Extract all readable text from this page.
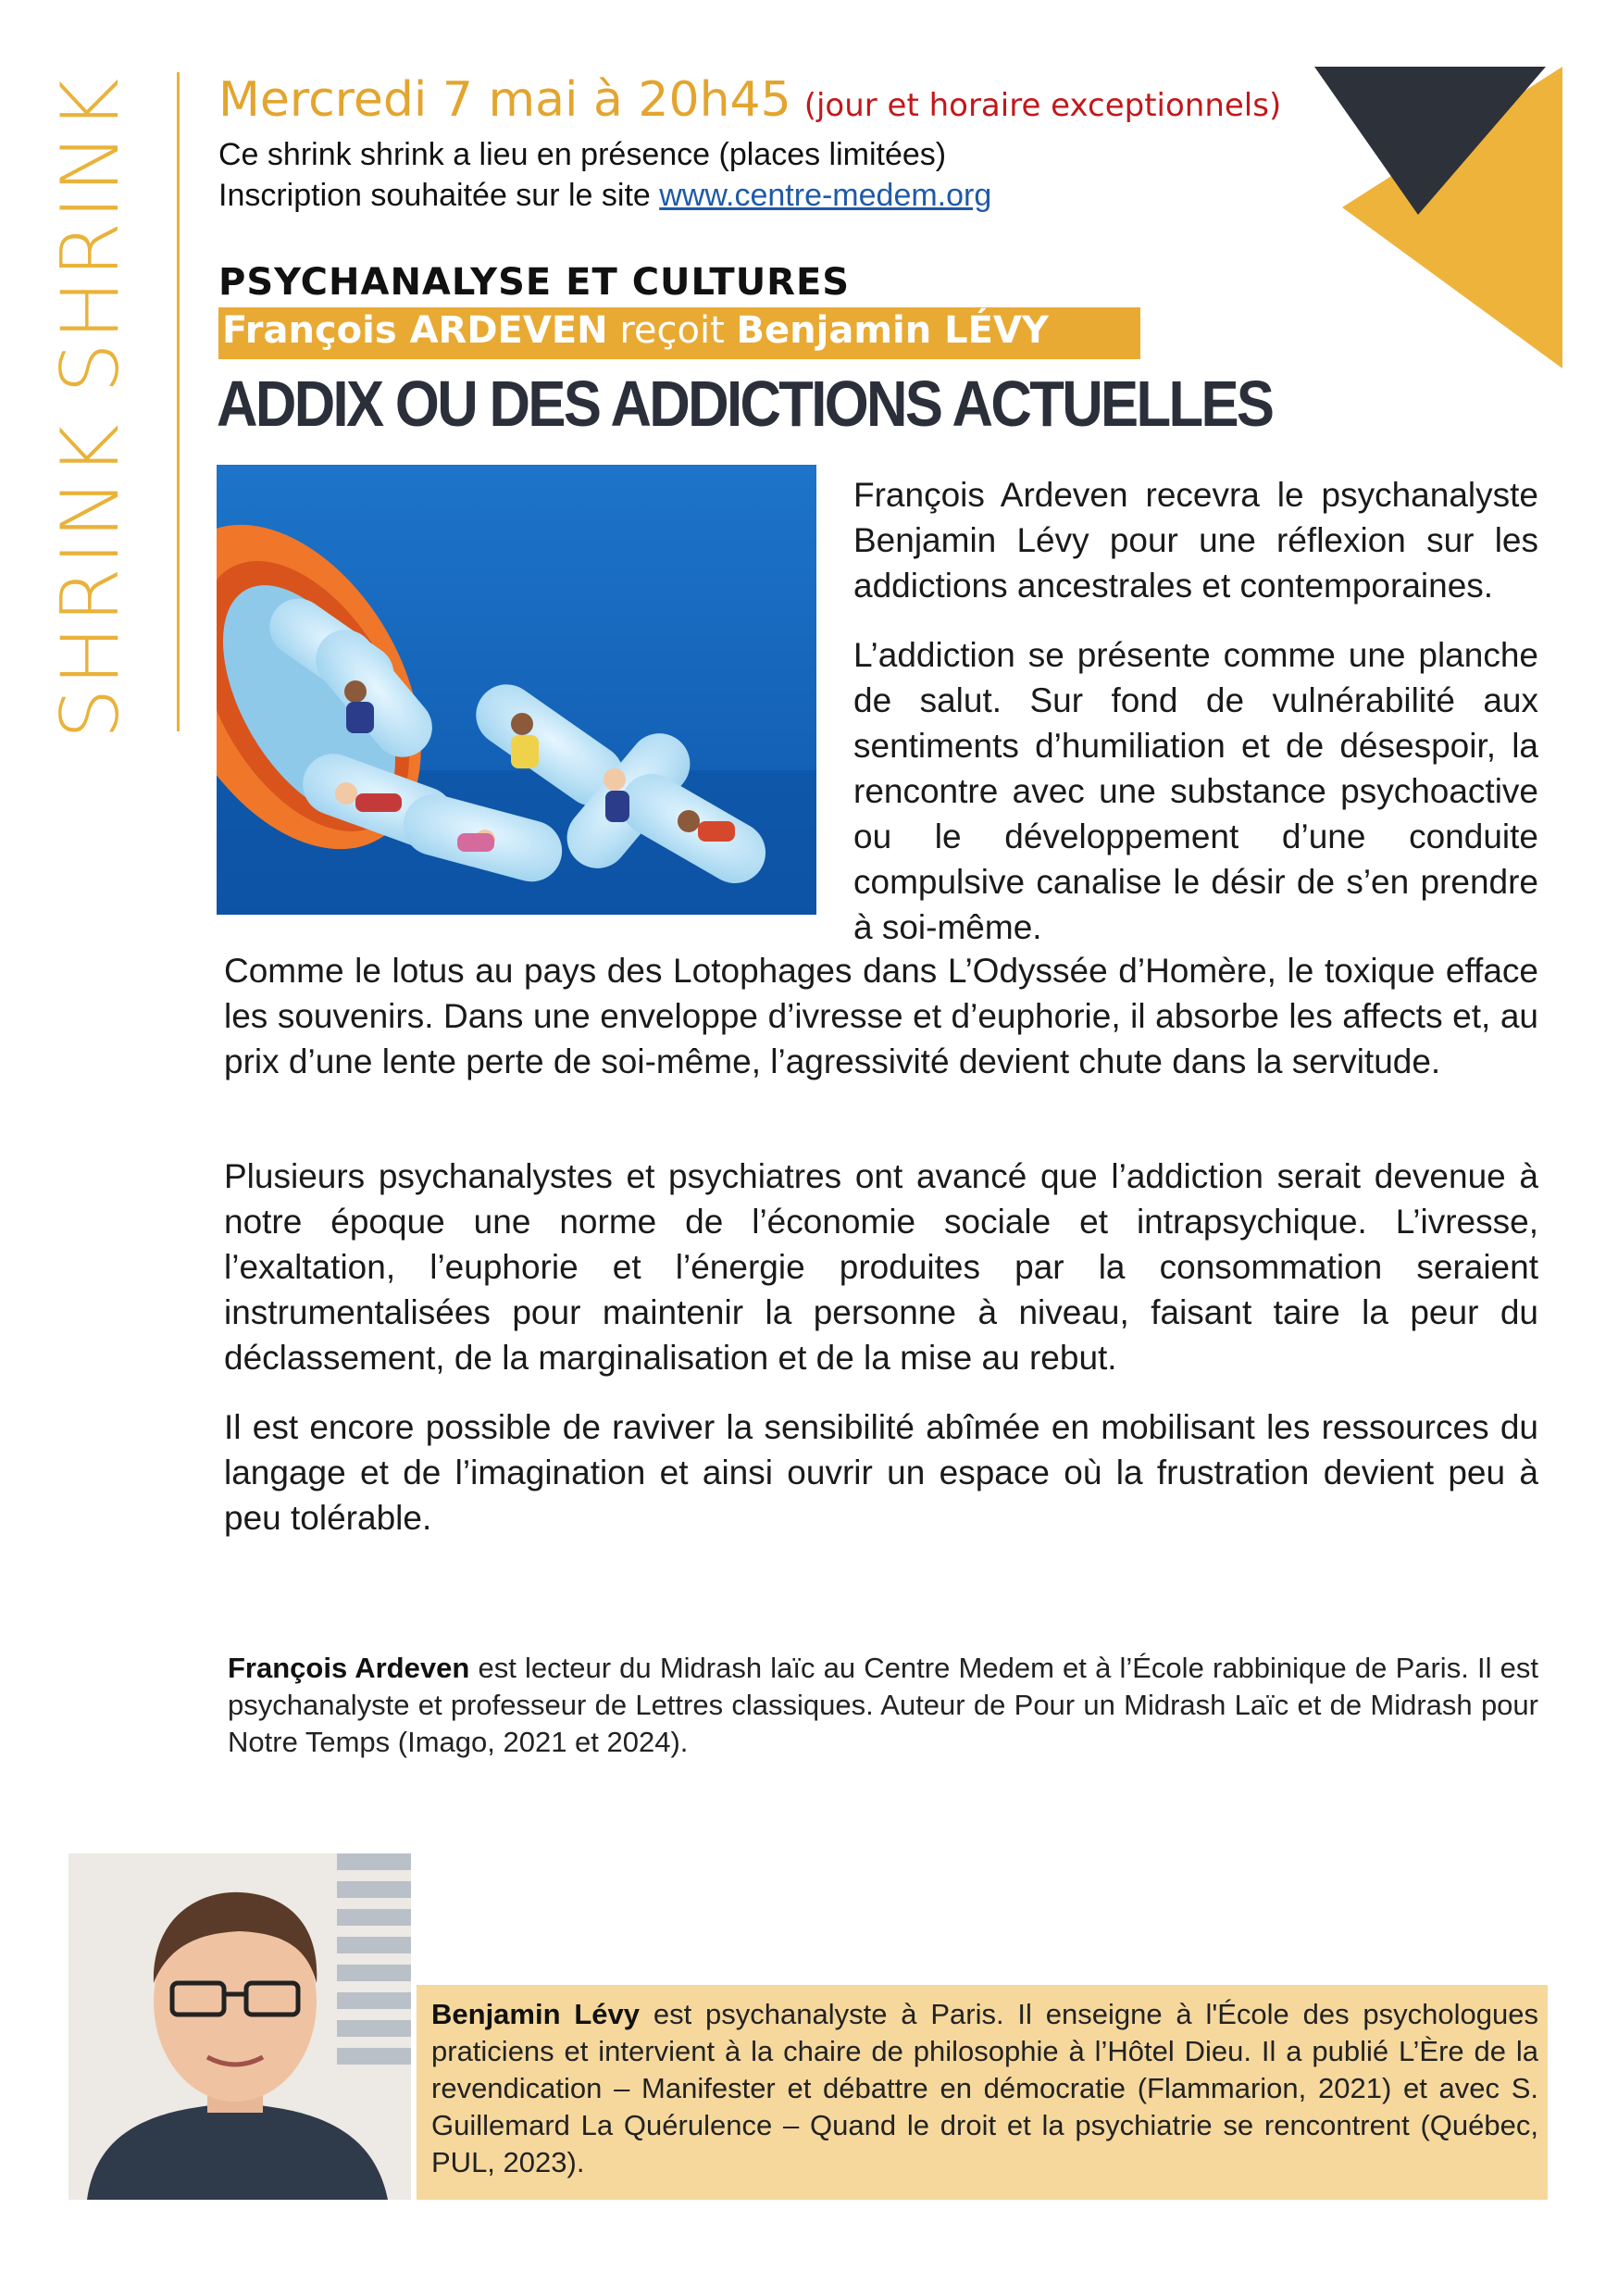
SHRINK SHRINK	Mercredi 7 mai à 20h45 (jour et horaire exceptionnels)
Ce shrink shrink a lieu en présence (places limitées)
Inscription souhaitée sur le site www.centre-medem.org
PSYCHANALYSE ET CULTURES
François ARDEVEN reçoit Benjamin LÉVY
ADDIX OU DES ADDICTIONS ACTUELLES
François Ardeven recevra le psychanalyste Benjamin Lévy pour une réflexion sur les addictions ancestrales et contemporaines.
L’addiction se présente comme une planche de salut. Sur fond de vulnérabilité aux sentiments d’humiliation et de désespoir, la rencontre avec une substance psychoactive ou le développement d’une conduite compulsive canalise le désir de s’en prendre à soi-même.
Comme le lotus au pays des Lotophages dans L’Odyssée d’Homère, le toxique efface les souvenirs. Dans une enveloppe d’ivresse et d’euphorie, il absorbe les affects et, au prix d’une lente perte de soi-même, l’agressivité devient chute dans la servitude.
Plusieurs psychanalystes et psychiatres ont avancé que l’addiction serait devenue à notre époque une norme de l’économie sociale et intrapsychique. L’ivresse, l’exaltation, l’euphorie et l’énergie produites par la consommation seraient instrumentalisées pour maintenir la personne à niveau, faisant taire la peur du déclassement, de la marginalisation et de la mise au rebut.
Il est encore possible de raviver la sensibilité abîmée en mobilisant les ressources du langage et de l’imagination et ainsi ouvrir un espace où la frustration devient peu à peu tolérable.
François Ardeven est lecteur du Midrash laïc au Centre Medem et à l’École rabbinique de Paris. Il est psychanalyste et professeur de Lettres classiques. Auteur de Pour un Midrash Laïc et de Midrash pour Notre Temps (Imago, 2021 et 2024).
Benjamin Lévy est psychanalyste à Paris. Il enseigne à l'École des psychologues praticiens et intervient à la chaire de philosophie à l’Hôtel Dieu. Il a publié L’Ère de la revendication – Manifester et débattre en démocratie (Flammarion, 2021) et avec S. Guillemard La Quérulence – Quand le droit et la psychiatrie se rencontrent (Québec, PUL, 2023).
